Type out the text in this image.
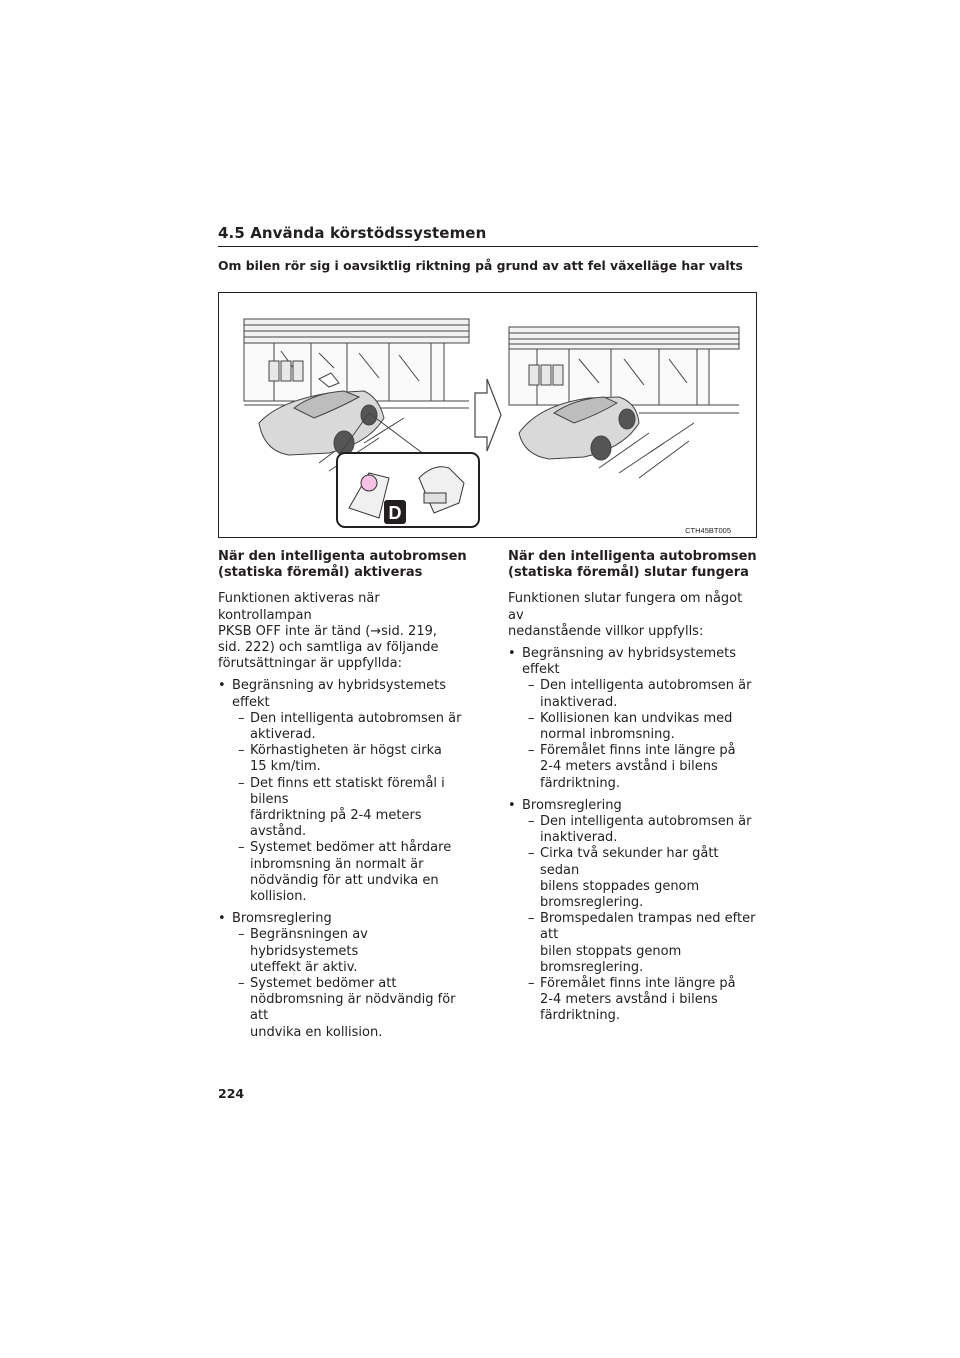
4.5 Använda körstödssystemen
Om bilen rör sig i oavsiktlig riktning på grund av att fel växelläge har valts
D
CTH45BT005
När den intelligenta autobromsen
(statiska föremål) aktiveras

Funktionen aktiveras när kontrollampan
PKSB OFF inte är tänd (→sid. 219,
sid. 222) och samtliga av följande
förutsättningar är uppfyllda:

• Begränsning av hybridsystemets
effekt
– Den intelligenta autobromsen är
aktiverad.
– Körhastigheten är högst cirka
15 km/tim.
– Det finns ett statiskt föremål i bilens
färdriktning på 2-4 meters avstånd.
– Systemet bedömer att hårdare
inbromsning än normalt är
nödvändig för att undvika en
kollision.
• Bromsreglering
– Begränsningen av hybridsystemets
uteffekt är aktiv.
– Systemet bedömer att
nödbromsning är nödvändig för att
undvika en kollision.
När den intelligenta autobromsen
(statiska föremål) slutar fungera

Funktionen slutar fungera om något av
nedanstående villkor uppfylls:

• Begränsning av hybridsystemets
effekt
– Den intelligenta autobromsen är
inaktiverad.
– Kollisionen kan undvikas med
normal inbromsning.
– Föremålet finns inte längre på
2-4 meters avstånd i bilens
färdriktning.
• Bromsreglering
– Den intelligenta autobromsen är
inaktiverad.
– Cirka två sekunder har gått sedan
bilens stoppades genom
bromsreglering.
– Bromspedalen trampas ned efter att
bilen stoppats genom
bromsreglering.
– Föremålet finns inte längre på
2-4 meters avstånd i bilens
färdriktning.
224
